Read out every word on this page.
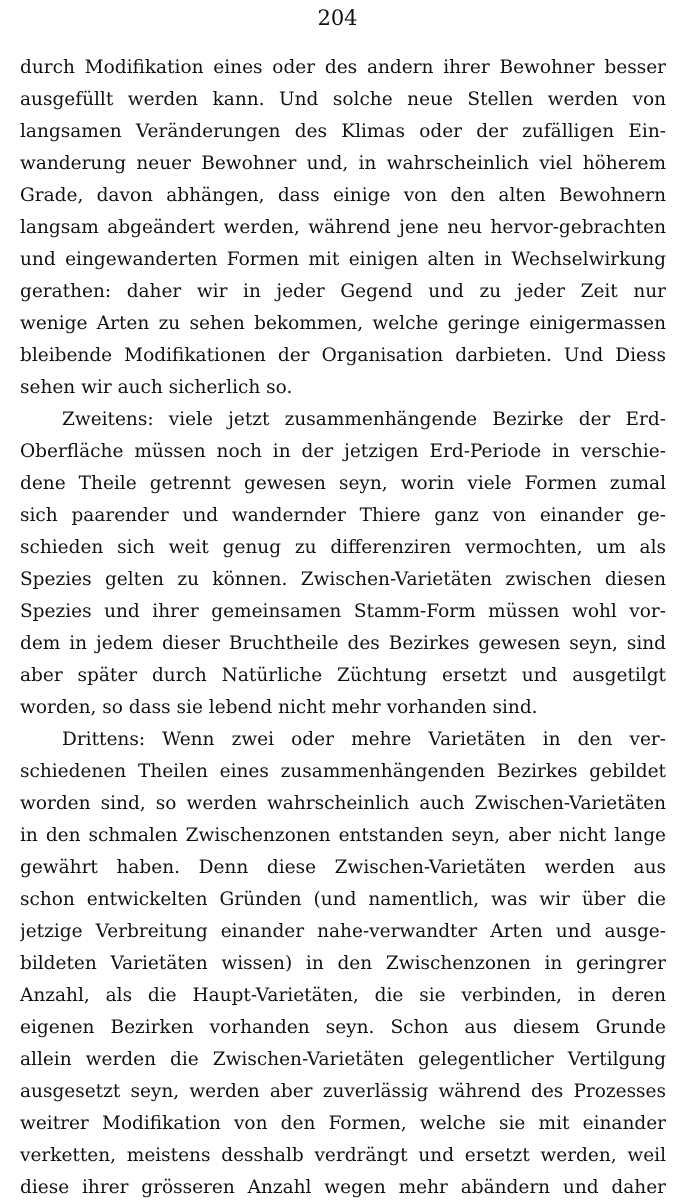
204
durch Modifikation eines oder des andern ihrer Bewohner besser
ausgefüllt werden kann. Und solche neue Stellen werden von
langsamen Veränderungen des Klimas oder der zufälligen Ein-
wanderung neuer Bewohner und, in wahrscheinlich viel höherem
Grade, davon abhängen, dass einige von den alten Bewohnern
langsam abgeändert werden, während jene neu hervor-gebrachten
und eingewanderten Formen mit einigen alten in Wechselwirkung
gerathen: daher wir in jeder Gegend und zu jeder Zeit nur
wenige Arten zu sehen bekommen, welche geringe einigermassen
bleibende Modifikationen der Organisation darbieten. Und Diess
sehen wir auch sicherlich so.
Zweitens: viele jetzt zusammenhängende Bezirke der Erd-
Oberfläche müssen noch in der jetzigen Erd-Periode in verschie-
dene Theile getrennt gewesen seyn, worin viele Formen zumal
sich paarender und wandernder Thiere ganz von einander ge-
schieden sich weit genug zu differenziren vermochten, um als
Spezies gelten zu können. Zwischen-Varietäten zwischen diesen
Spezies und ihrer gemeinsamen Stamm-Form müssen wohl vor-
dem in jedem dieser Bruchtheile des Bezirkes gewesen seyn, sind
aber später durch Natürliche Züchtung ersetzt und ausgetilgt
worden, so dass sie lebend nicht mehr vorhanden sind.
Drittens: Wenn zwei oder mehre Varietäten in den ver-
schiedenen Theilen eines zusammenhängenden Bezirkes gebildet
worden sind, so werden wahrscheinlich auch Zwischen-Varietäten
in den schmalen Zwischenzonen entstanden seyn, aber nicht lange
gewährt haben. Denn diese Zwischen-Varietäten werden aus
schon entwickelten Gründen (und namentlich, was wir über die
jetzige Verbreitung einander nahe-verwandter Arten und ausge-
bildeten Varietäten wissen) in den Zwischenzonen in geringrer
Anzahl, als die Haupt-Varietäten, die sie verbinden, in deren
eigenen Bezirken vorhanden seyn. Schon aus diesem Grunde
allein werden die Zwischen-Varietäten gelegentlicher Vertilgung
ausgesetzt seyn, werden aber zuverlässig während des Prozesses
weitrer Modifikation von den Formen, welche sie mit einander
verketten, meistens desshalb verdrängt und ersetzt werden, weil
diese ihrer grösseren Anzahl wegen mehr abändern und daher
